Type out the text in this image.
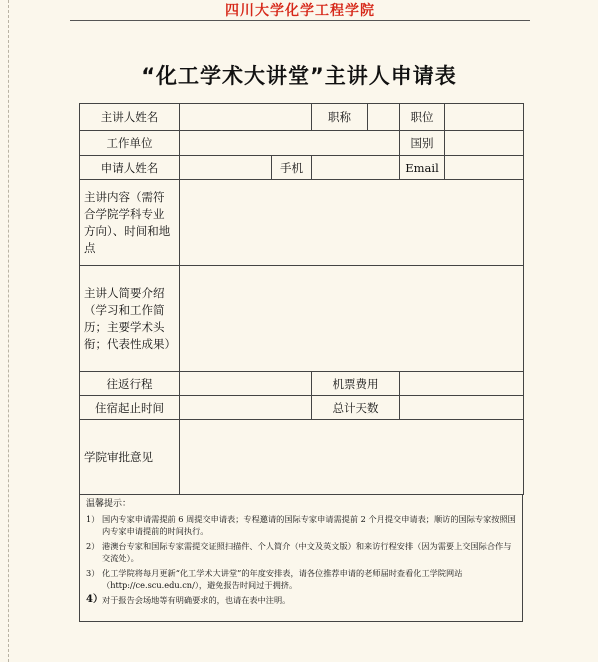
四川大学化学工程学院
“化工学术大讲堂”主讲人申请表
主讲人姓名			职称		职位	
工作单位					国别	
申请人姓名		手机			Email	
主讲内容（需符合学院学科专业方向）、时间和地点						
主讲人简要介绍（学习和工作简历；主要学术头衔；代表性成果）						
往返行程			机票费用			
住宿起止时间			总计天数			
学院审批意见						
温馨提示：
1） 国内专家申请需提前 6 周提交申请表；专程邀请的国际专家申请需提前 2 个月提交申请表；顺访的国际专家按照国内专家申请提前的时间执行。
2） 港澳台专家和国际专家需提交证照扫描件、个人简介（中文及英文版）和来访行程安排（因为需要上交国际合作与交流处）。
3） 化工学院将每月更新“化工学术大讲堂”的年度安排表，请各位推荐申请的老师届时查看化工学院网站（http://ce.scu.edu.cn/），避免报告时间过于拥挤。
4） 对于报告会场地等有明确要求的，也请在表中注明。
